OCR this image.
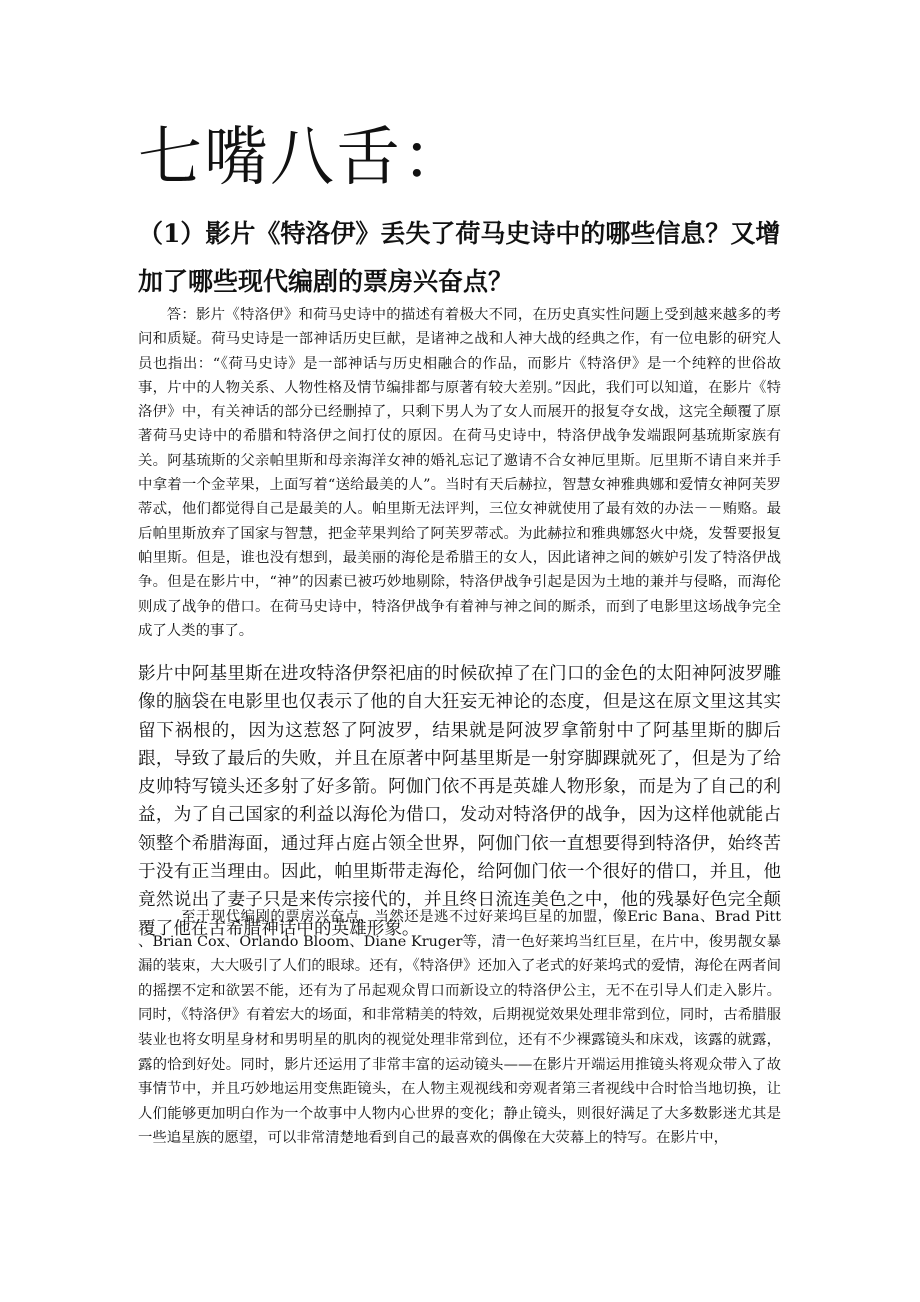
七嘴八舌：
（1）影片《特洛伊》丢失了荷马史诗中的哪些信息？又增加了哪些现代编剧的票房兴奋点？

答：影片《特洛伊》和荷马史诗中的描述有着极大不同，在历史真实性问题上受到越来越多的考问和质疑。荷马史诗是一部神话历史巨献，是诸神之战和人神大战的经典之作，有一位电影的研究人员也指出：“《荷马史诗》是一部神话与历史相融合的作品，而影片《特洛伊》是一个纯粹的世俗故事，片中的人物关系、人物性格及情节编排都与原著有较大差别。”因此，我们可以知道，在影片《特洛伊》中，有关神话的部分已经删掉了，只剩下男人为了女人而展开的报复夺女战，这完全颠覆了原著荷马史诗中的希腊和特洛伊之间打仗的原因。在荷马史诗中，特洛伊战争发端跟阿基琉斯家族有关。阿基琉斯的父亲帕里斯和母亲海洋女神的婚礼忘记了邀请不合女神厄里斯。厄里斯不请自来并手中拿着一个金苹果，上面写着“送给最美的人”。当时有天后赫拉，智慧女神雅典娜和爱情女神阿芙罗蒂忒，他们都觉得自己是最美的人。帕里斯无法评判，三位女神就使用了最有效的办法－－贿赂。最后帕里斯放弃了国家与智慧，把金苹果判给了阿芙罗蒂忒。为此赫拉和雅典娜怒火中烧，发誓要报复帕里斯。但是，谁也没有想到，最美丽的海伦是希腊王的女人，因此诸神之间的嫉妒引发了特洛伊战争。但是在影片中，“神”的因素已被巧妙地剔除，特洛伊战争引起是因为土地的兼并与侵略，而海伦则成了战争的借口。在荷马史诗中，特洛伊战争有着神与神之间的厮杀，而到了电影里这场战争完全成了人类的事了。

影片中阿基里斯在进攻特洛伊祭祀庙的时候砍掉了在门口的金色的太阳神阿波罗雕像的脑袋在电影里也仅表示了他的自大狂妄无神论的态度，但是这在原文里这其实留下祸根的，因为这惹怒了阿波罗，结果就是阿波罗拿箭射中了阿基里斯的脚后跟，导致了最后的失败，并且在原著中阿基里斯是一射穿脚踝就死了，但是为了给皮帅特写镜头还多射了好多箭。阿伽门依不再是英雄人物形象，而是为了自己的利益，为了自己国家的利益以海伦为借口，发动对特洛伊的战争，因为这样他就能占领整个希腊海面，通过拜占庭占领全世界，阿伽门依一直想要得到特洛伊，始终苦于没有正当理由。因此，帕里斯带走海伦，给阿伽门依一个很好的借口，并且，他竟然说出了妻子只是来传宗接代的，并且终日流连美色之中，他的残暴好色完全颠覆了他在古希腊神话中的英雄形象。

至于现代编剧的票房兴奋点，当然还是逃不过好莱坞巨星的加盟，像Eric Bana、Brad Pitt 、Brian Cox、Orlando Bloom、Diane Kruger等，清一色好莱坞当红巨星，在片中，俊男靓女暴漏的装束，大大吸引了人们的眼球。还有，《特洛伊》还加入了老式的好莱坞式的爱情，海伦在两者间的摇摆不定和欲罢不能，还有为了吊起观众胃口而新设立的特洛伊公主，无不在引导人们走入影片。同时，《特洛伊》有着宏大的场面，和非常精美的特效，后期视觉效果处理非常到位，同时，古希腊服装业也将女明星身材和男明星的肌肉的视觉处理非常到位，还有不少裸露镜头和床戏，该露的就露，露的恰到好处。同时，影片还运用了非常丰富的运动镜头——在影片开端运用推镜头将观众带入了故事情节中，并且巧妙地运用变焦距镜头，在人物主观视线和旁观者第三者视线中合时恰当地切换，让人们能够更加明白作为一个故事中人物内心世界的变化；静止镜头，则很好满足了大多数影迷尤其是一些追星族的愿望，可以非常清楚地看到自己的最喜欢的偶像在大荧幕上的特写。在影片中，
